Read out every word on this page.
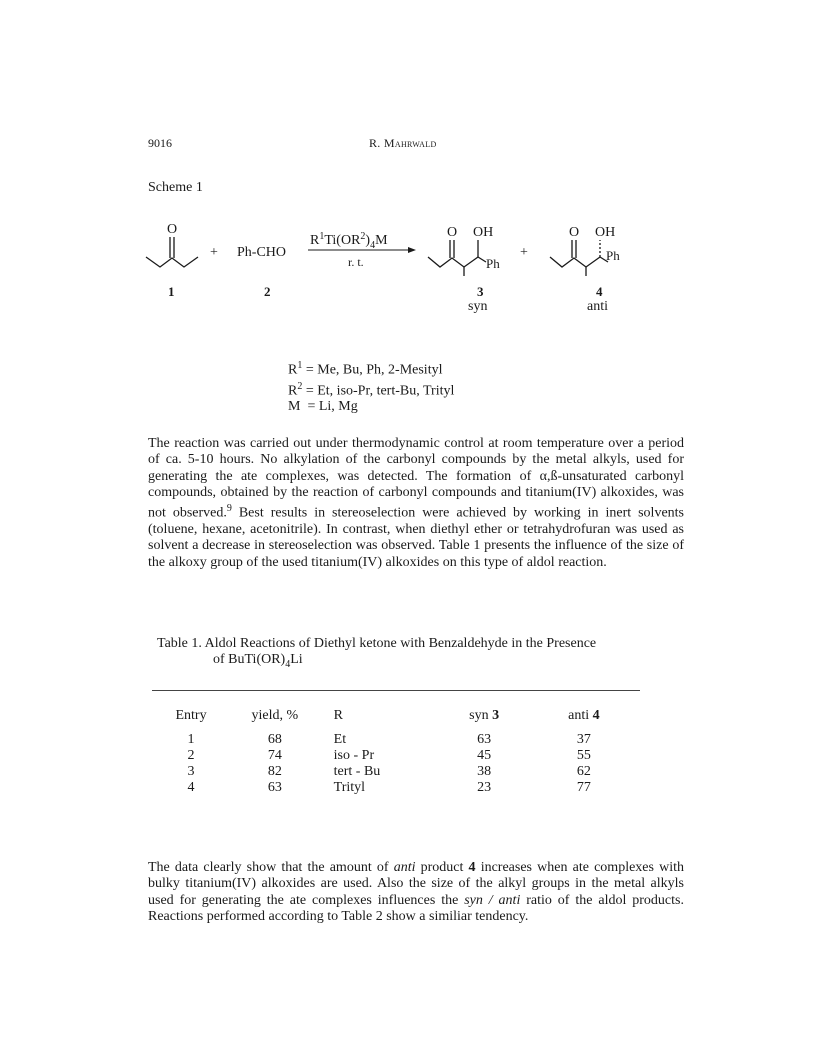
9016	R. Mahrwald
Scheme 1
O
+ Ph-CHO
$R^1Ti(OR^2)_4M$
r. t.
O OH
Ph
+
O OH
Ph
1	2	3
syn
4
anti
$R^1 = Me$, Bu, Ph, 2-Mesityl
$R^2 = Et$, iso-Pr, tert-Bu, Trityl
M  = Li, Mg
The reaction was carried out under thermodynamic control at room temperature over a period of ca. 5-10 hours. No alkylation of the carbonyl compounds by the metal alkyls, used for generating the ate complexes, was detected. The formation of α,ß-unsaturated carbonyl compounds, obtained by the reaction of carbonyl compounds and titanium(IV) alkoxides, was not observed.$^9$ Best results in stereoselection were achieved by working in inert solvents (toluene, hexane, acetonitrile). In contrast, when diethyl ether or tetrahydrofuran was used as solvent a decrease in stereoselection was observed. Table 1 presents the influence of the size of the alkoxy group of the used titanium(IV) alkoxides on this type of aldol reaction.
Table 1. Aldol Reactions of Diethyl ketone with Benzaldehyde in the Presence
of $BuTi(OR)_4Li$
Entry	yield, %	R	syn 3	anti 4
1	68	Et	63	37
2	74	iso - Pr	45	55
3	82	tert - Bu	38	62
4	63	Trityl	23	77
The data clearly show that the amount of anti product 4 increases when ate complexes with bulky titanium(IV) alkoxides are used. Also the size of the alkyl groups in the metal alkyls used for generating the ate complexes influences the syn / anti ratio of the aldol products. Reactions performed according to Table 2 show a similiar tendency.
